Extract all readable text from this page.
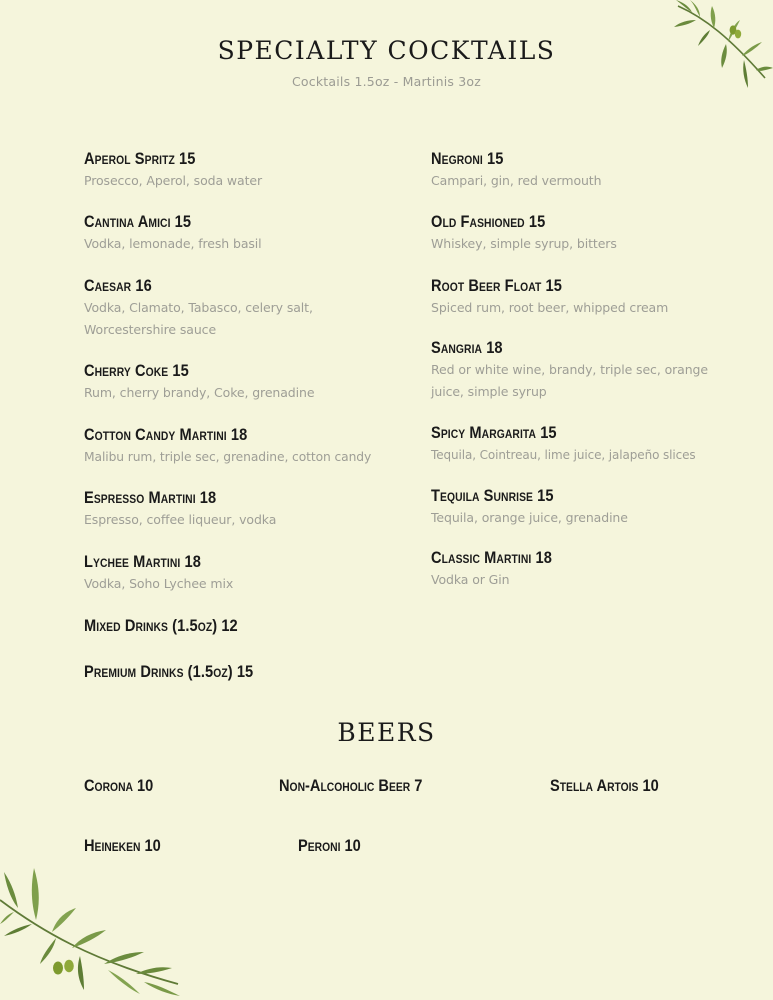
SPECIALTY COCKTAILS
Cocktails 1.5oz - Martinis 3oz
Aperol Spritz 15
Prosecco, Aperol, soda water
Cantina Amici 15
Vodka, lemonade, fresh basil
Caesar 16
Vodka, Clamato, Tabasco, celery salt, Worcestershire sauce
Cherry Coke 15
Rum, cherry brandy, Coke, grenadine
Cotton Candy Martini 18
Malibu rum, triple sec, grenadine, cotton candy
Espresso Martini 18
Espresso, coffee liqueur, vodka
Lychee Martini 18
Vodka, Soho Lychee mix
Mixed Drinks (1.5oz) 12
Premium Drinks (1.5oz) 15
Negroni 15
Campari, gin, red vermouth
Old Fashioned 15
Whiskey, simple syrup, bitters
Root Beer Float 15
Spiced rum, root beer, whipped cream
Sangria 18
Red or white wine, brandy, triple sec, orange juice, simple syrup
Spicy Margarita 15
Tequila, Cointreau, lime juice, jalapeño slices
Tequila Sunrise 15
Tequila, orange juice, grenadine
Classic Martini 18
Vodka or Gin
BEERS
Corona 10	Non-Alcoholic Beer 7	Stella Artois 10
Heineken 10	Peroni 10
